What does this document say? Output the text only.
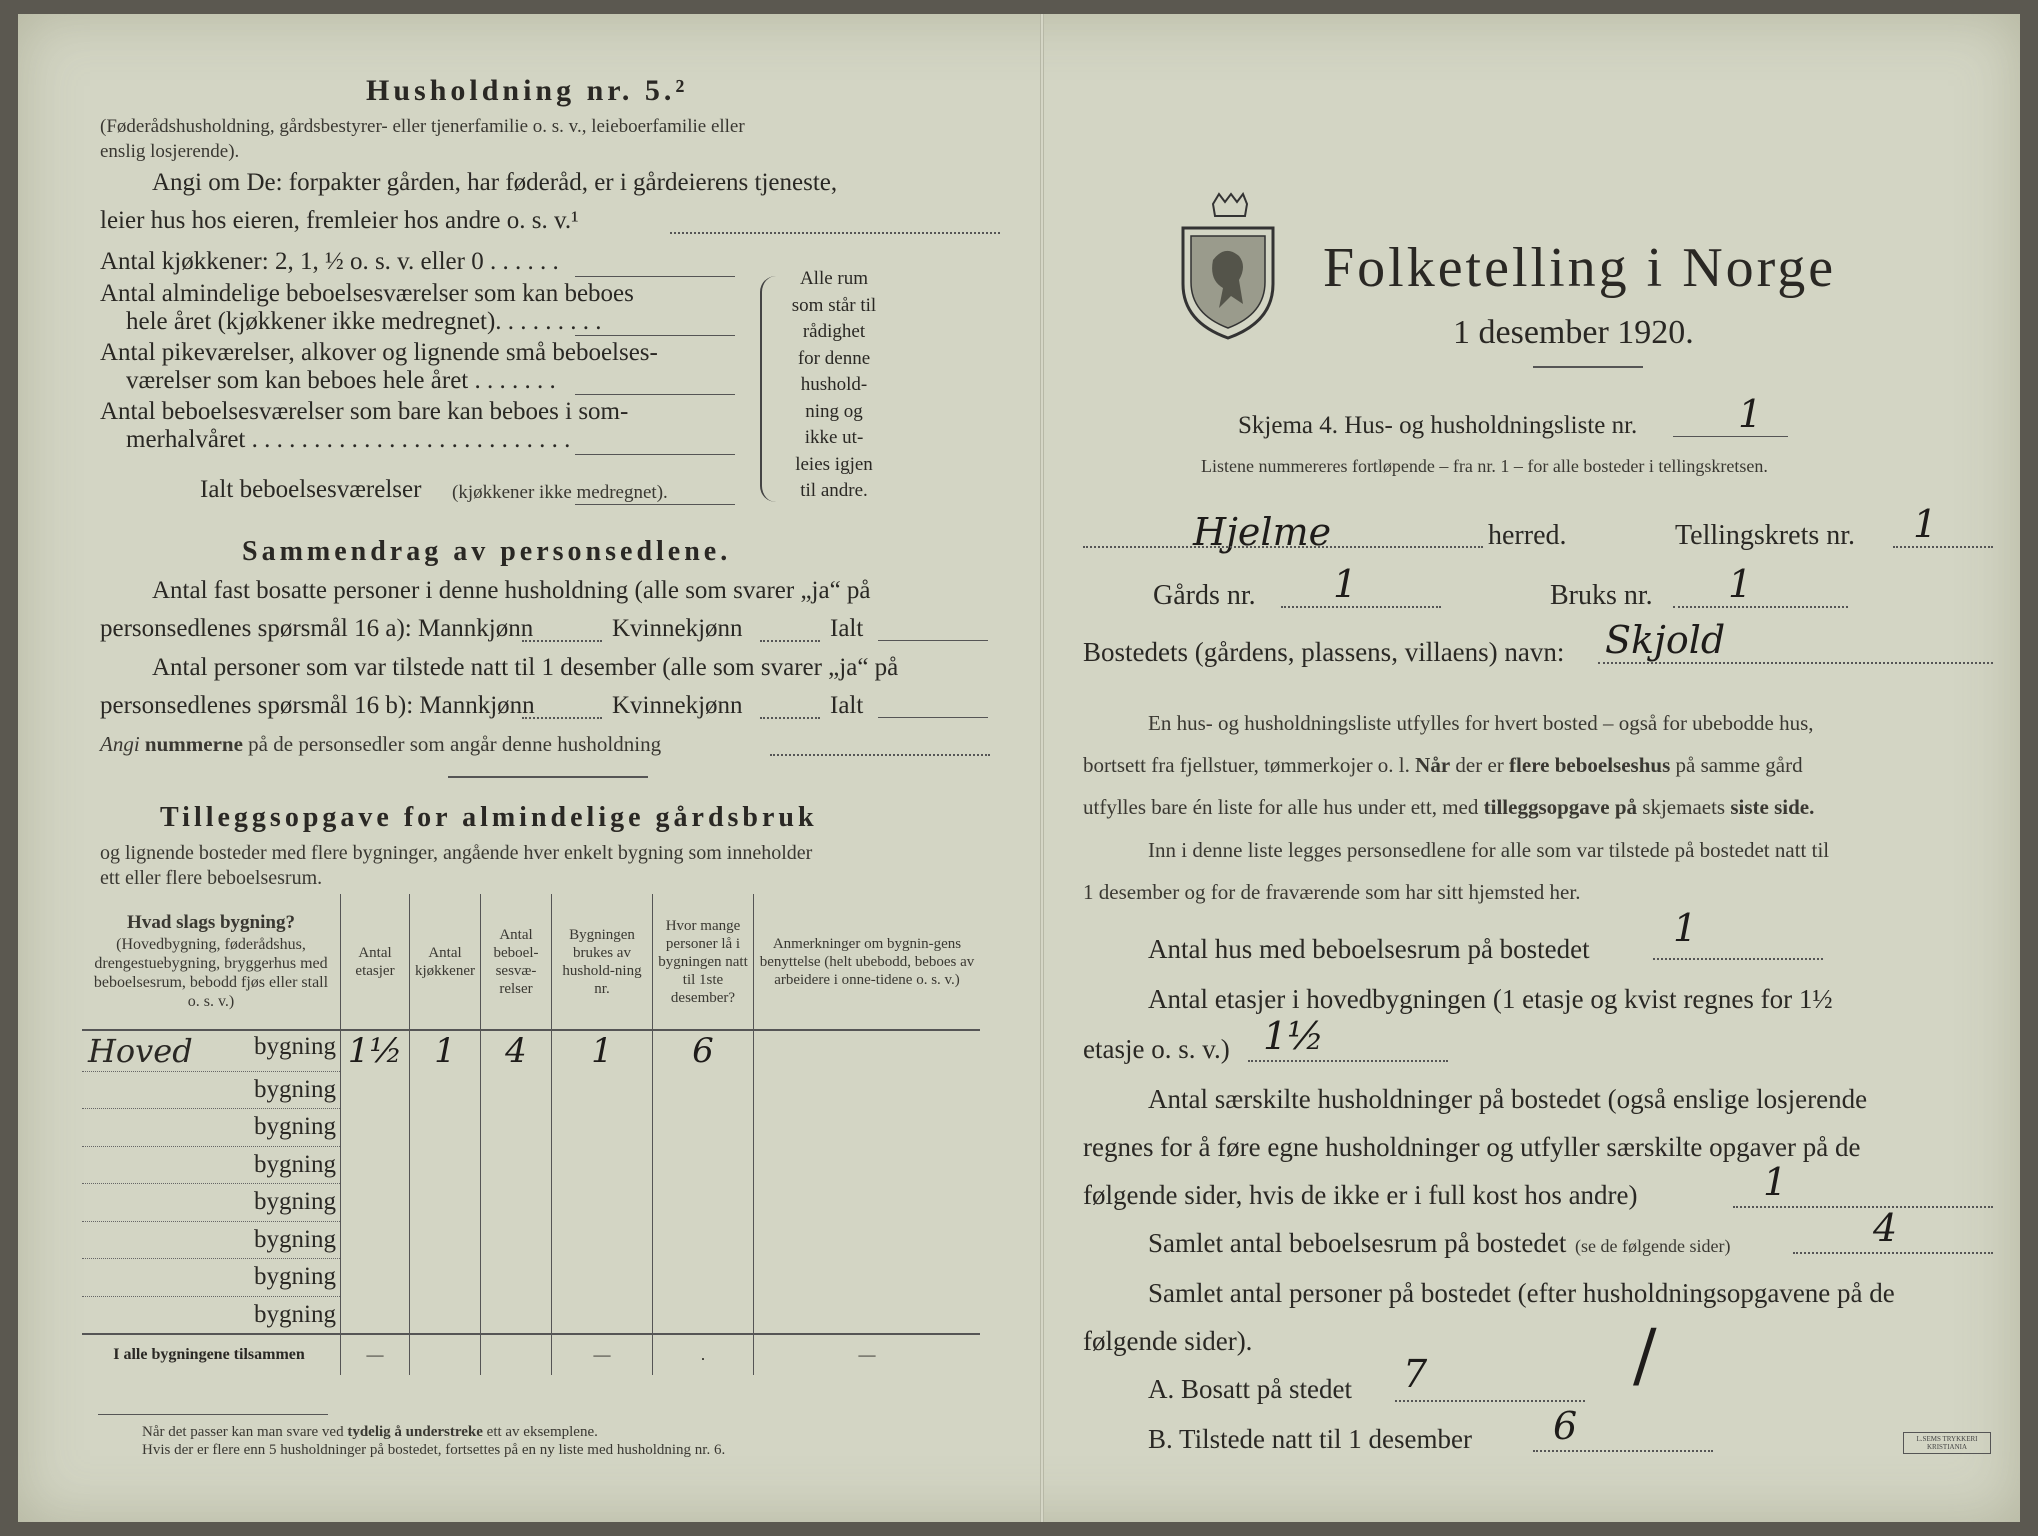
Husholdning nr. 5.²
(Føderådshusholdning, gårdsbestyrer- eller tjenerfamilie o. s. v., leieboerfamilie eller
enslig losjerende).
Angi om De: forpakter gården, har føderåd, er i gårdeierens tjeneste,
leier hus hos eieren, fremleier hos andre o. s. v.¹
Antal kjøkkener: 2, 1, ½ o. s. v. eller 0 . . . . . .
Antal almindelige beboelsesværelser som kan beboes
hele året (kjøkkener ikke medregnet). . . . . . . . .
Antal pikeværelser, alkover og lignende små beboelses-
værelser som kan beboes hele året . . . . . . .
Antal beboelsesværelser som bare kan beboes i som-
merhalvåret . . . . . . . . . . . . . . . . . . . . . . . . . .
Ialt beboelsesværelser (kjøkkener ikke medregnet).
Alle rum
som står til
rådighet
for denne
hushold-
ning og
ikke ut-
leies igjen
til andre.
Sammendrag av personsedlene.
Antal fast bosatte personer i denne husholdning (alle som svarer „ja“ på
personsedlenes spørsmål 16 a): Mannkjønn	Kvinnekjønn	Ialt
Antal personer som var tilstede natt til 1 desember (alle som svarer „ja“ på
personsedlenes spørsmål 16 b): Mannkjønn	Kvinnekjønn	Ialt
Angi nummerne på de personsedler som angår denne husholdning
Tilleggsopgave for almindelige gårdsbruk
og lignende bosteder med flere bygninger, angående hver enkelt bygning som inneholder
ett eller flere beboelsesrum.
Hvad slags bygning?
(Hovedbygning, føderådshus, drengestuebygning, bryggerhus med beboelsesrum, bebodd fjøs eller stall o. s. v.)	Antal etasjer	Antal kjøkkener	Antal beboel-sesvæ-relser	Bygningen brukes av hushold-ning nr.	Hvor mange personer lå i bygningen natt til 1ste desember?	Anmerkninger om bygnin-gens benyttelse (helt ubebodd, beboes av arbeidere i onne-tidene o. s. v.)

Hoved bygning	1½	1	4	1	6	

bygning						

bygning						

bygning						

bygning						

bygning						

bygning						

bygning						
I alle bygningene tilsammen	—			—	.	—
Når det passer kan man svare ved tydelig å understreke ett av eksemplene.
Hvis der er flere enn 5 husholdninger på bostedet, fortsettes på en ny liste med husholdning nr. 6.
Folketelling i Norge
1 desember 1920.
Skjema 4. Hus- og husholdningsliste nr.	1
Listene nummereres fortløpende – fra nr. 1 – for alle bosteder i tellingskretsen.
Hjelme	herred.	Tellingskrets nr. 1
Gårds nr. 1	Bruks nr. 1
Bostedets (gårdens, plassens, villaens) navn: Skjold
En hus- og husholdningsliste utfylles for hvert bosted – også for ubebodde hus,
bortsett fra fjellstuer, tømmerkojer o. l. Når der er flere beboelseshus på samme gård
utfylles bare én liste for alle hus under ett, med tilleggsopgave på skjemaets siste side.
Inn i denne liste legges personsedlene for alle som var tilstede på bostedet natt til
1 desember og for de fraværende som har sitt hjemsted her.
Antal hus med beboelsesrum på bostedet 1
Antal etasjer i hovedbygningen (1 etasje og kvist regnes for 1½
etasje o. s. v.) 1½
Antal særskilte husholdninger på bostedet (også enslige losjerende
regnes for å føre egne husholdninger og utfyller særskilte opgaver på de
følgende sider, hvis de ikke er i full kost hos andre)	1
Samlet antal beboelsesrum på bostedet (se de følgende sider)	4
Samlet antal personer på bostedet (efter husholdningsopgavene på de
følgende sider).
A. Bosatt på stedet 7	/
B. Tilstede natt til 1 desember 6	L.SEMS TRYKKERI KRISTIANIA
